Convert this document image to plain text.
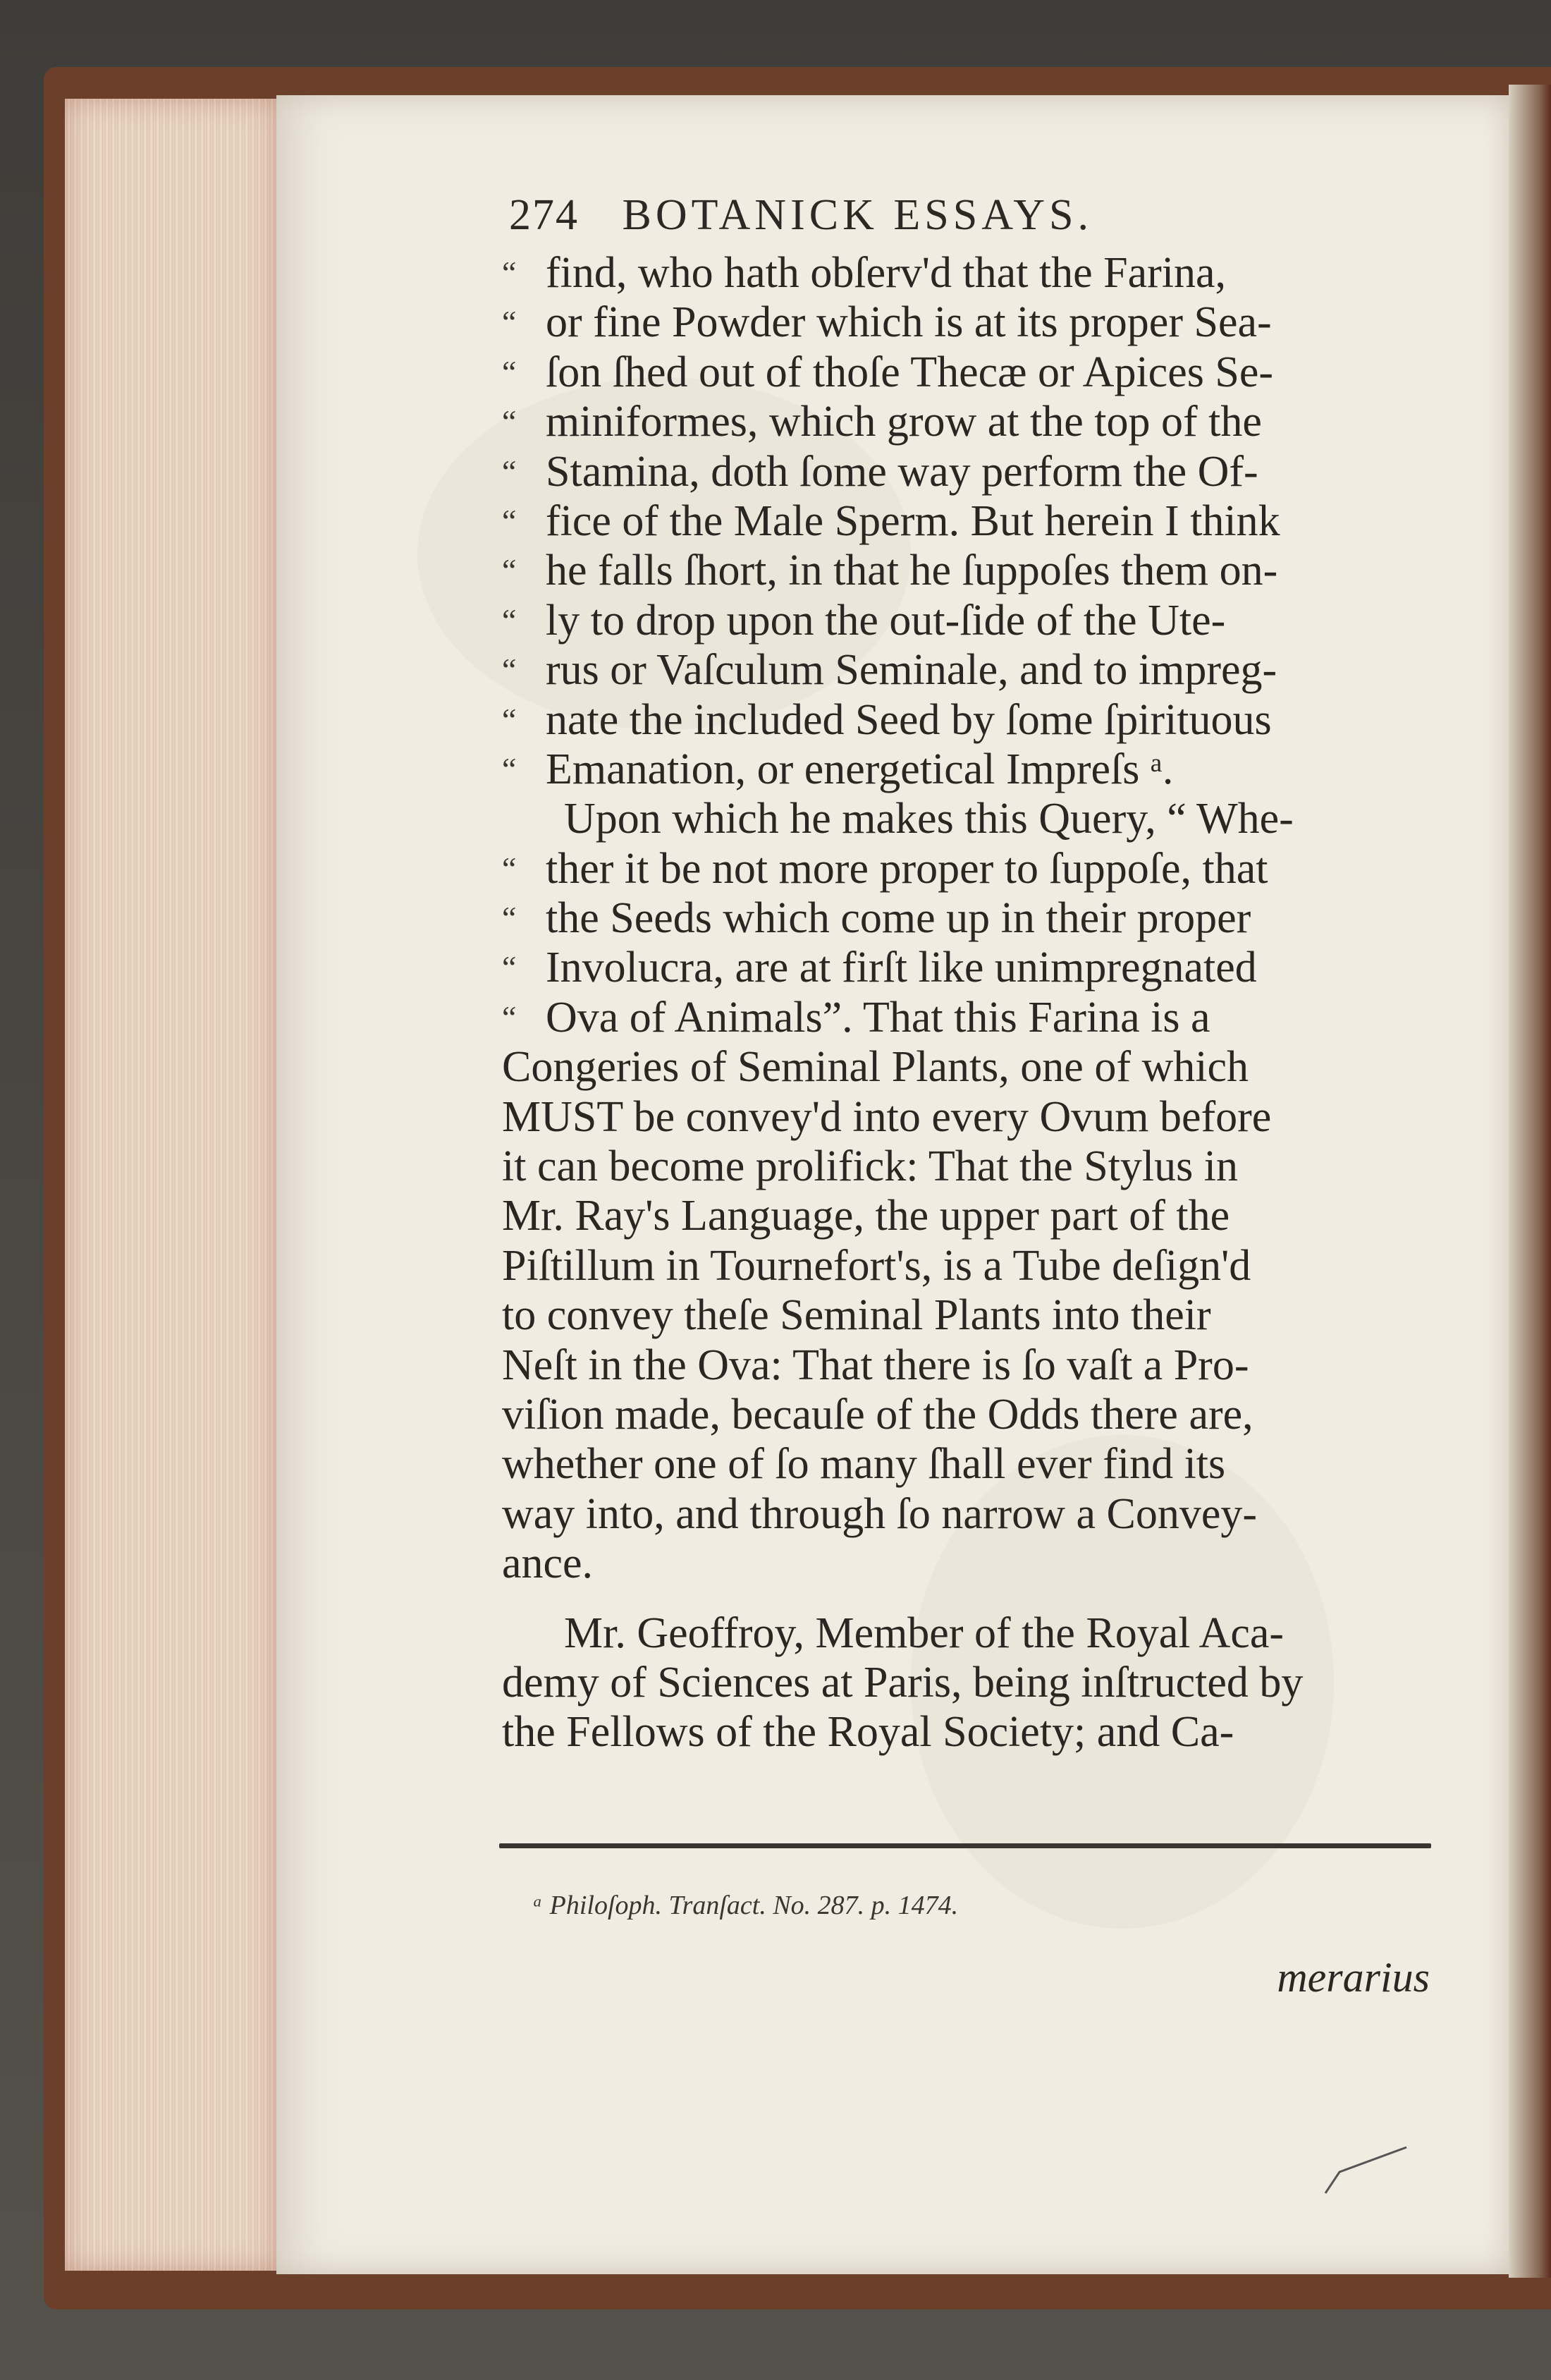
274 BOTANICK ESSAYS.
“ find, who hath obſerv'd that the Farina,
“ or fine Powder which is at its proper Sea-
“ ſon ſhed out of thoſe Thecæ or Apices Se-
“ miniformes, which grow at the top of the
“ Stamina, doth ſome way perform the Of-
“ fice of the Male Sperm. But herein I think
“ he falls ſhort, in that he ſuppoſes them on-
“ ly to drop upon the out-ſide of the Ute-
“ rus or Vaſculum Seminale, and to impreg-
“ nate the included Seed by ſome ſpirituous
“ Emanation, or energetical Impreſs ᵃ.
Upon which he makes this Query, “ Whe-
“ ther it be not more proper to ſuppoſe, that
“ the Seeds which come up in their proper
“ Involucra, are at firſt like unimpregnated
“ Ova of Animals”. That this Farina is a
Congeries of Seminal Plants, one of which
MUST be convey'd into every Ovum before
it can become prolifick: That the Stylus in
Mr. Ray's Language, the upper part of the
Piſtillum in Tournefort's, is a Tube deſign'd
to convey theſe Seminal Plants into their
Neſt in the Ova: That there is ſo vaſt a Pro-
viſion made, becauſe of the Odds there are,
whether one of ſo many ſhall ever find its
way into, and through ſo narrow a Convey-
ance.
Mr. Geoffroy, Member of the Royal Aca-
demy of Sciences at Paris, being inſtructed by
the Fellows of the Royal Society; and Ca-
ᵃ Philoſoph. Tranſact. No. 287. p. 1474.
merarius
